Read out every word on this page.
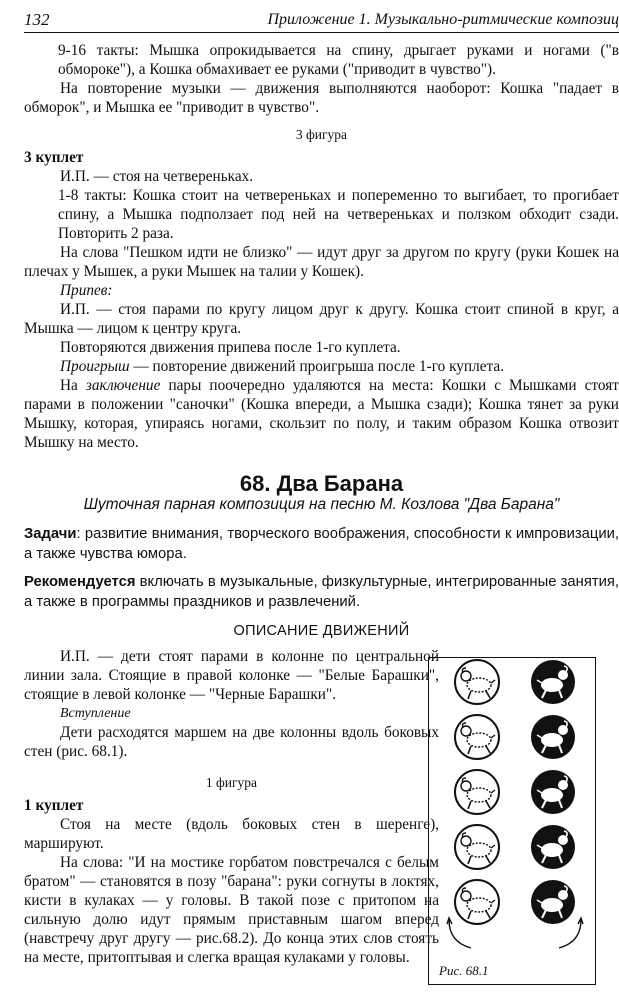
132	Приложение 1. Музыкально-ритмические композиц

9-16 такты: Мышка опрокидывается на спину, дрыгает руками и ногами ("в обмороке"), а Кошка обмахивает ее руками ("приводит в чувство").

На повторение музыки — движения выполняются наоборот: Кошка "падает в обморок", и Мышка ее "приводит в чувство".

3 фигура

3 куплет

И.П. — стоя на четвереньках.

1-8 такты: Кошка стоит на четвереньках и попеременно то выгибает, то прогибает спину, а Мышка подползает под ней на четвереньках и ползком обходит сзади. Повторить 2 раза.

На слова "Пешком идти не близко" — идут друг за другом по кругу (руки Кошек на плечах у Мышек, а руки Мышек на талии у Кошек).

Припев:

И.П. — стоя парами по кругу лицом друг к другу. Кошка стоит спиной в круг, а Мышка — лицом к центру круга.

Повторяются движения припева после 1-го куплета.

Проигрыш — повторение движений проигрыша после 1-го куплета.

На заключение пары поочередно удаляются на места: Кошки с Мышками стоят парами в положении "саночки" (Кошка впереди, а Мышка сзади); Кошка тянет за руки Мышку, которая, упираясь ногами, скользит по полу, и таким образом Кошка отвозит Мышку на место.

68. Два Барана

Шуточная парная композиция на песню М. Козлова "Два Барана"

Задачи: развитие внимания, творческого воображения, способности к импровизации, а также чувства юмора.

Рекомендуется включать в музыкальные, физкультурные, интегрированные занятия, а также в программы праздников и развлечений.

ОПИСАНИЕ ДВИЖЕНИЙ

И.П. — дети стоят парами в колонне по центральной линии зала. Стоящие в правой колонке — "Белые Барашки", стоящие в левой колонке — "Черные Барашки".

Вступление

Дети расходятся маршем на две колонны вдоль боковых стен (рис. 68.1).

1 фигура

1 куплет

Стоя на месте (вдоль боковых стен в шеренге), маршируют.

На слова: "И на мостике горбатом повстречался с белым братом" — становятся в позу "барана": руки согнуты в локтях, кисти в кулаках — у головы. В такой позе с притопом на сильную долю идут прямым приставным шагом вперед (навстречу друг другу — рис.68.2). До конца этих слов стоять на месте, притоптывая и слегка вращая кулаками у головы.

Рис. 68.1
